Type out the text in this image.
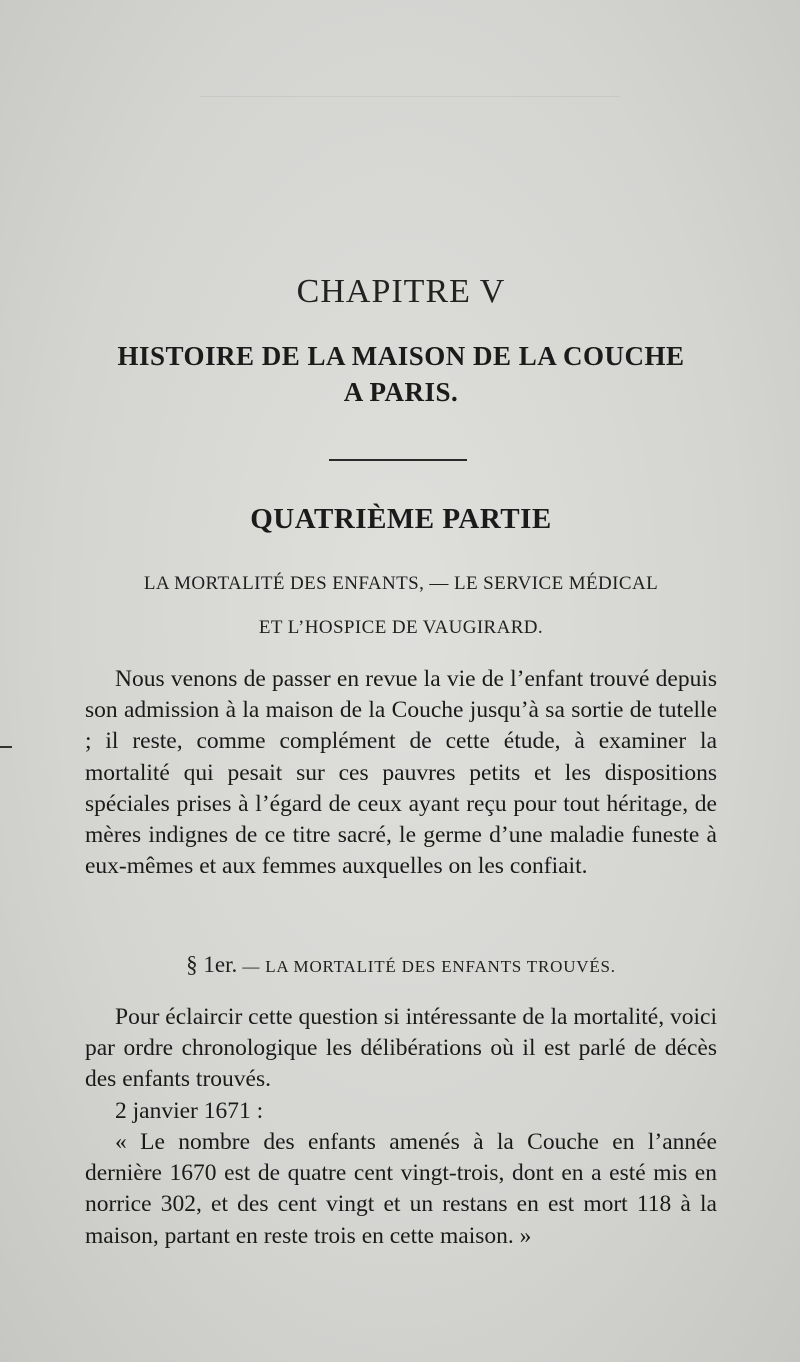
CHAPITRE V
HISTOIRE DE LA MAISON DE LA COUCHE
A PARIS.
QUATRIÈME PARTIE
LA MORTALITÉ DES ENFANTS, — LE SERVICE MÉDICAL
ET L’HOSPICE DE VAUGIRARD.
Nous venons de passer en revue la vie de l’enfant trouvé depuis son admission à la maison de la Couche jusqu’à sa sortie de tutelle ; il reste, comme complément de cette étude, à examiner la mortalité qui pesait sur ces pauvres petits et les dispositions spéciales prises à l’égard de ceux ayant reçu pour tout héritage, de mères indignes de ce titre sacré, le germe d’une maladie funeste à eux-mêmes et aux femmes auxquelles on les confiait.
§ 1er. — LA MORTALITÉ DES ENFANTS TROUVÉS.
Pour éclaircir cette question si intéressante de la mortalité, voici par ordre chronologique les délibérations où il est parlé de décès des enfants trouvés.
2 janvier 1671 :
« Le nombre des enfants amenés à la Couche en l’année dernière 1670 est de quatre cent vingt-trois, dont en a esté mis en norrice 302, et des cent vingt et un restans en est mort 118 à la maison, partant en reste trois en cette maison. »
